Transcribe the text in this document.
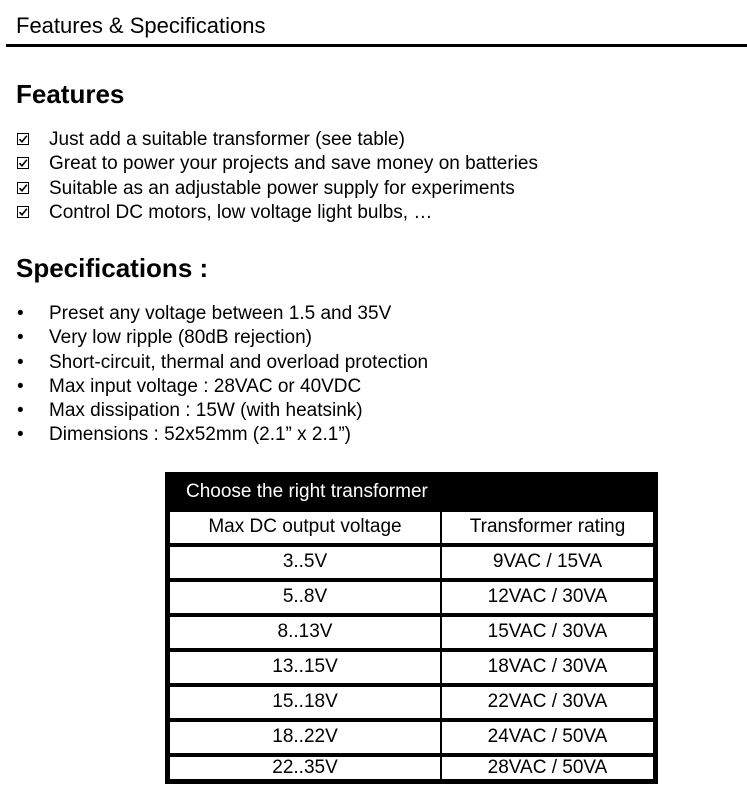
Features & Specifications
Features
Just add a suitable transformer (see table)
Great to power your projects and save money on batteries
Suitable as an adjustable power supply for experiments
Control DC motors, low voltage light bulbs, …
Specifications :
• Preset any voltage between 1.5 and 35V
• Very low ripple (80dB rejection)
• Short-circuit, thermal and overload protection
• Max input voltage : 28VAC or 40VDC
• Max dissipation : 15W (with heatsink)
• Dimensions : 52x52mm (2.1” x 2.1”)
Choose the right transformer
Max DC output voltage	Transformer rating
3..5V	9VAC / 15VA
5..8V	12VAC / 30VA
8..13V	15VAC / 30VA
13..15V	18VAC / 30VA
15..18V	22VAC / 30VA
18..22V	24VAC / 50VA
22..35V	28VAC / 50VA
